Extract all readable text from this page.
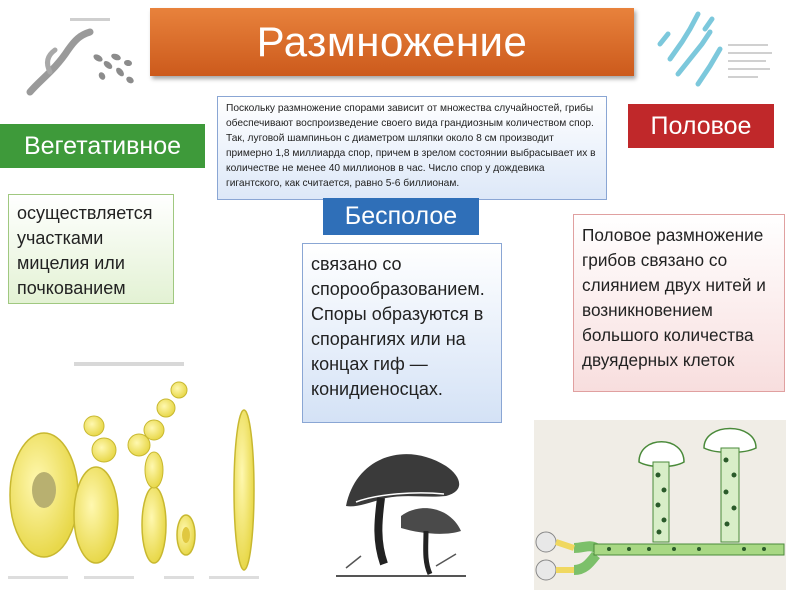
Размножение
Поскольку размножение спорами зависит от множества случайностей, грибы обеспечивают воспроизведение своего вида грандиозным количеством спор. Так, луговой шампиньон с диаметром шляпки около 8 см производит примерно 1,8 миллиарда спор, причем в зрелом состоянии выбрасывает их в количестве не менее 40 миллионов в час. Число спор у дождевика гигантского, как считается, равно 5-6 биллионам.
Вегетативное
Половое
Бесполое
осуществляется участками мицелия или почкованием
связано со спорообразованием. Споры образуются в спорангиях или на концах гиф — конидиеносцах.
Половое размножение грибов связано со слиянием двух нитей и возникновением большого количества двуядерных клеток
